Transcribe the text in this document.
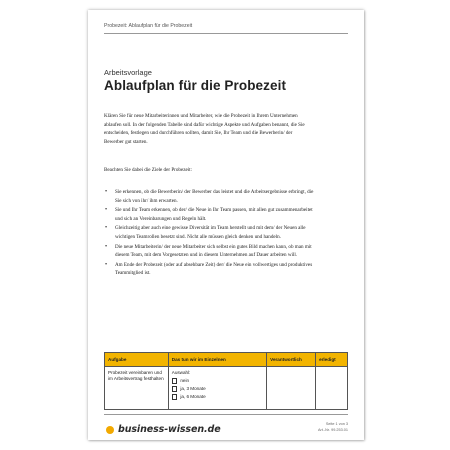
Probezeit: Ablaufplan für die Probezeit
Arbeitsvorlage
Ablaufplan für die Probezeit

Klären Sie für neue Mitarbeiterinnen und Mitarbeiter, wie die Probezeit in Ihrem Unternehmen ablaufen soll. In der folgenden Tabelle sind dafür wichtige Aspekte und Aufgaben benannt, die Sie entscheiden, festlegen und durchführen sollten, damit Sie, Ihr Team und die Bewerberin/ der Bewerber gut starten.

Beachten Sie dabei die Ziele der Probezeit:

• Sie erkennen, ob die Bewerberin/ der Bewerber das leistet und die Arbeitsergebnisse erbringt, die Sie sich von ihr/ ihm erwarten.
• Sie und Ihr Team erkennen, ob der/ die Neue in Ihr Team passen, mit allen gut zusammenarbeitet und sich an Vereinbarungen und Regeln hält.
• Gleichzeitig aber auch eine gewisse Diversität im Team herstellt und mit dem/ der Neuen alle wichtigen Teamrollen besetzt sind. Nicht alle müssen gleich denken und handeln.
• Die neue Mitarbeiterin/ der neue Mitarbeiter sich selbst ein gutes Bild machen kann, ob man mit diesem Team, mit dem Vorgesetzten und in diesem Unternehmen auf Dauer arbeiten will.
• Am Ende der Probezeit (oder auf absehbare Zeit) der/ die Neue ein vollwertiges und produktives Teammitglied ist.
Aufgabe	Das tun wir im Einzelnen	Verantwortlich	erledigt
Probezeit vereinbaren und im Arbeitsvertrag festhalten	Auswahl:
nein
ja, 3 Monate
ja, 6 Monate		

business-wissen.de	Seite 1 von 3
Art.-Nr. 99.253.01
